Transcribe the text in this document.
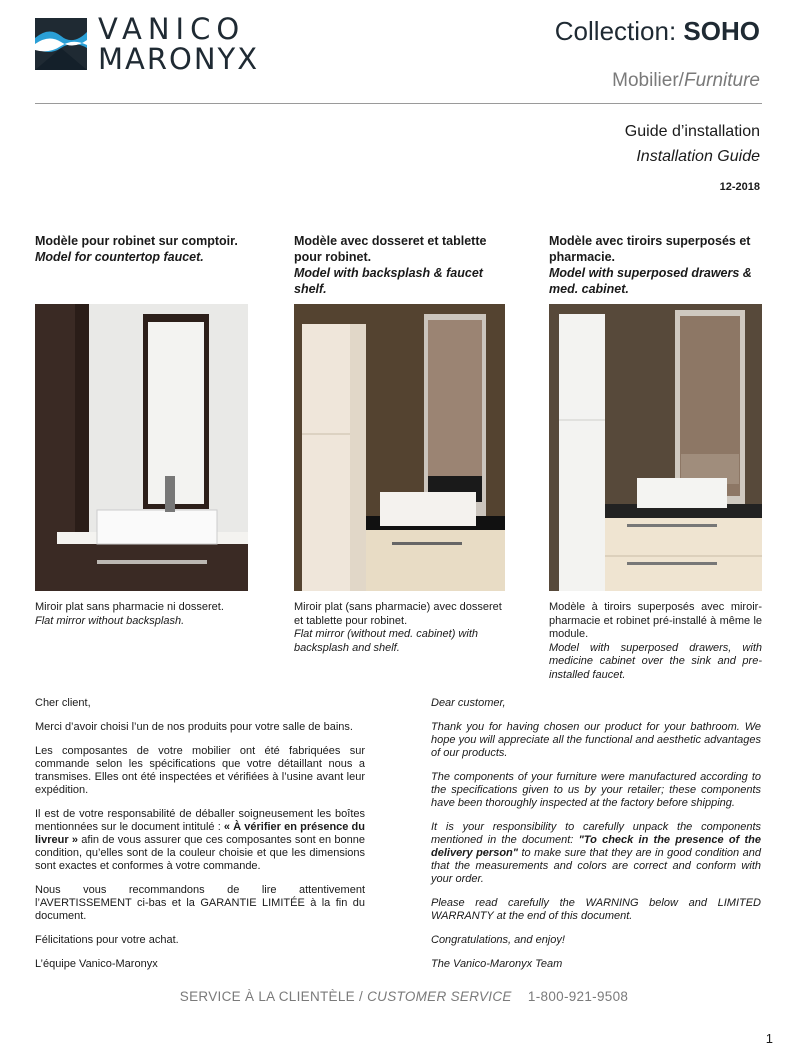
VANICO
MARONYX
Collection: SOHO
Mobilier/Furniture
Guide d’installation
Installation Guide
12-2018
Modèle pour robinet sur comptoir.
Model for countertop faucet.
Miroir plat sans pharmacie ni dosseret.
Flat mirror without backsplash.
Modèle avec dosseret et tablette pour robinet.
Model with backsplash & faucet shelf.
Miroir plat (sans pharmacie) avec dosseret et tablette pour robinet.
Flat mirror (without med. cabinet) with backsplash and shelf.
Modèle avec tiroirs superposés et pharmacie.
Model with superposed drawers & med. cabinet.
Modèle à tiroirs superposés avec miroir-pharmacie et robinet pré-installé à même le module.
Model with superposed drawers, with medicine cabinet over the sink and pre-installed faucet.

Cher client,

Merci d’avoir choisi l’un de nos produits pour votre salle de bains.

Les composantes de votre mobilier ont été fabriquées sur commande selon les spécifications que votre détaillant nous a transmises. Elles ont été inspectées et vérifiées à l’usine avant leur expédition.

Il est de votre responsabilité de déballer soigneusement les boîtes mentionnées sur le document intitulé : « À vérifier en présence du livreur » afin de vous assurer que ces composantes sont en bonne condition, qu’elles sont de la couleur choisie et que les dimensions sont exactes et conformes à votre commande.

Nous vous recommandons de lire attentivement l’AVERTISSEMENT ci-bas et la GARANTIE LIMITÉE à la fin du document.

Félicitations pour votre achat.

L’équipe Vanico-Maronyx

Dear customer,

Thank you for having chosen our product for your bathroom. We hope you will appreciate all the functional and aesthetic advantages of our products.

The components of your furniture were manufactured according to the specifications given to us by your retailer; these components have been thoroughly inspected at the factory before shipping.

It is your responsibility to carefully unpack the components mentioned in the document: "To check in the presence of the delivery person" to make sure that they are in good condition and that the measurements and colors are correct and conform with your order.

Please read carefully the WARNING below and LIMITED WARRANTY at the end of this document.

Congratulations, and enjoy!

The Vanico-Maronyx Team

SERVICE À LA CLIENTÈLE / CUSTOMER SERVICE 1-800-921-9508
1
